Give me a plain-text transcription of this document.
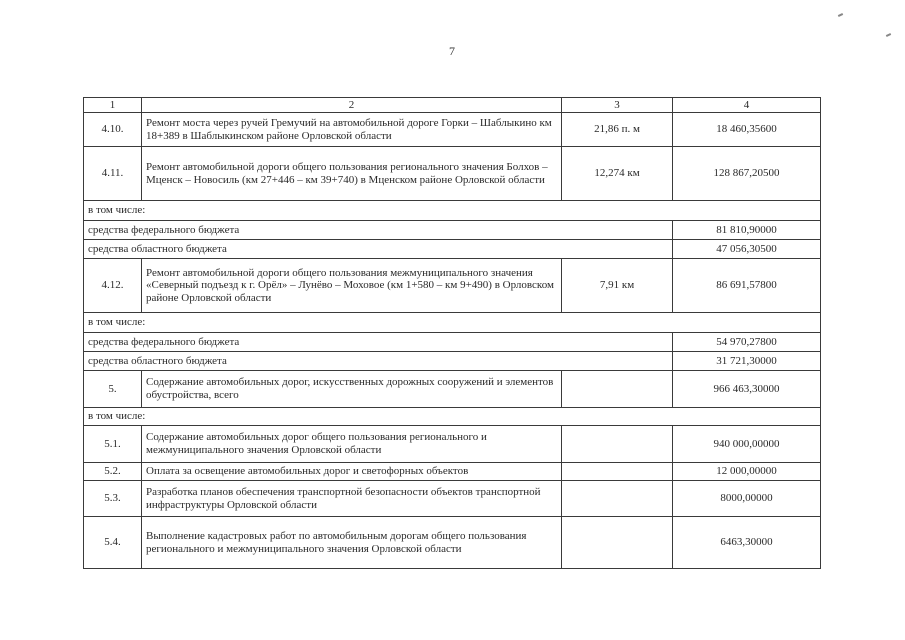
7
1	2	3	4
4.10.	Ремонт моста через ручей Гремучий на автомобильной дороге Горки – Шаблыкино км 18+389 в Шаблыкинском районе Орловской области	21,86 п. м	18 460,35600
4.11.	Ремонт автомобильной дороги общего пользования регионального значения Болхов – Мценск – Новосиль (км 27+446 – км 39+740) в Мценском районе Орловской области	12,274 км	128 867,20500
в том числе:			
средства федерального бюджета			81 810,90000
средства областного бюджета			47 056,30500
4.12.	Ремонт автомобильной дороги общего пользования межмуниципального значения «Северный подъезд к г. Орёл» – Лунёво – Моховое (км 1+580 – км 9+490) в Орловском районе Орловской области	7,91 км	86 691,57800
в том числе:			
средства федерального бюджета			54 970,27800
средства областного бюджета			31 721,30000
5.	Содержание автомобильных дорог, искусственных дорожных сооружений и элементов обустройства, всего		966 463,30000
в том числе:			
5.1.	Содержание автомобильных дорог общего пользования регионального и межмуниципального значения Орловской области		940 000,00000
5.2.	Оплата за освещение автомобильных дорог и светофорных объектов		12 000,00000
5.3.	Разработка планов обеспечения транспортной безопасности объектов транспортной инфраструктуры Орловской области		8000,00000
5.4.	Выполнение кадастровых работ по автомобильным дорогам общего пользования регионального и межмуниципального значения Орловской области		6463,30000
